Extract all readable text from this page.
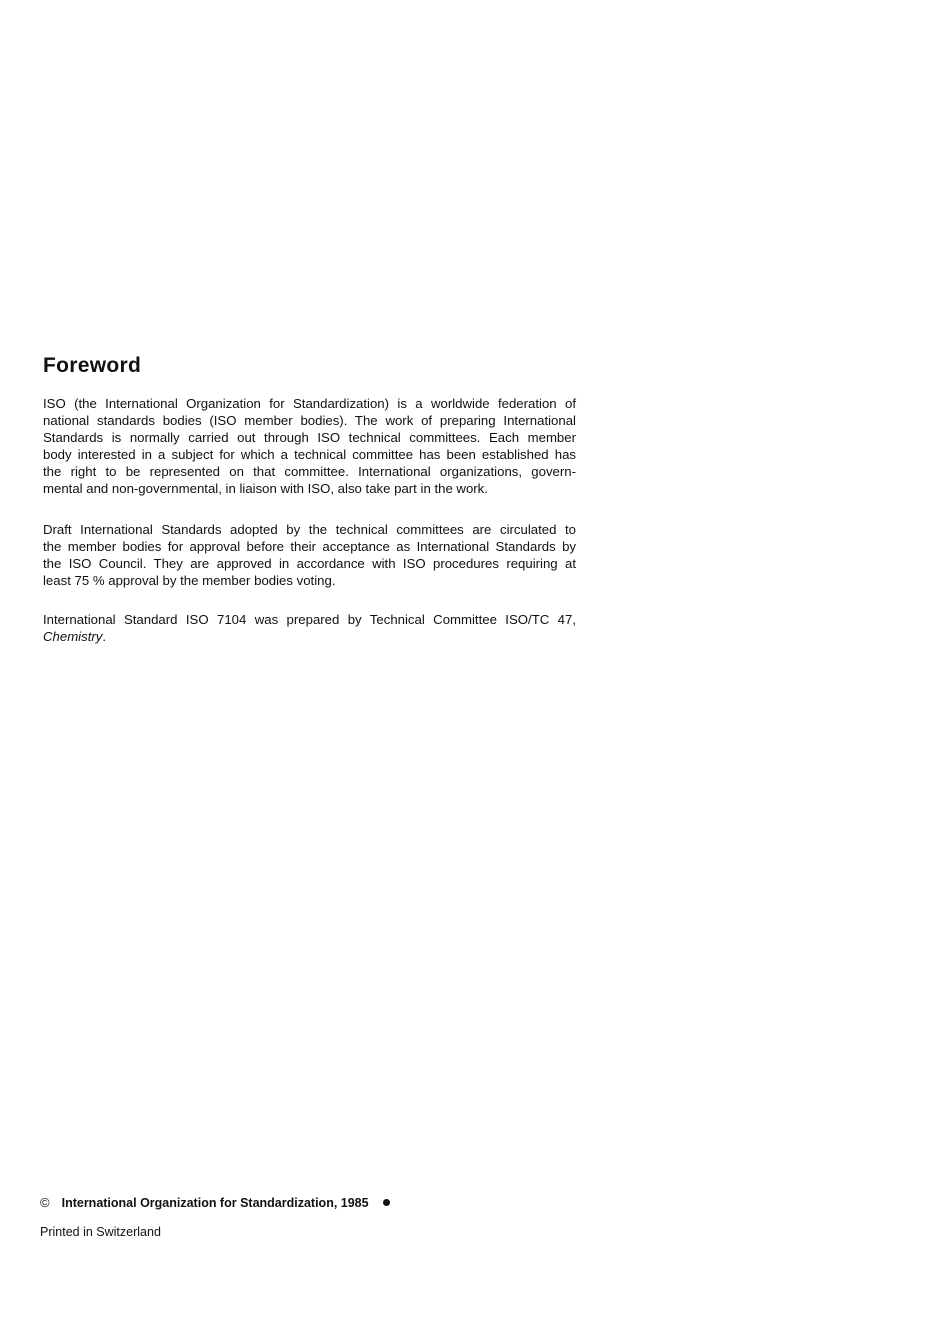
Foreword
ISO (the International Organization for Standardization) is a worldwide federation of
national standards bodies (ISO member bodies). The work of preparing International
Standards is normally carried out through ISO technical committees. Each member
body interested in a subject for which a technical committee has been established has
the right to be represented on that committee. International organizations, govern-
mental and non-governmental, in liaison with ISO, also take part in the work.
Draft International Standards adopted by the technical committees are circulated to
the member bodies for approval before their acceptance as International Standards by
the ISO Council. They are approved in accordance with ISO procedures requiring at
least 75 % approval by the member bodies voting.
International Standard ISO 7104 was prepared by Technical Committee ISO/TC 47,
Chemistry.
© International Organization for Standardization, 1985
Printed in Switzerland
